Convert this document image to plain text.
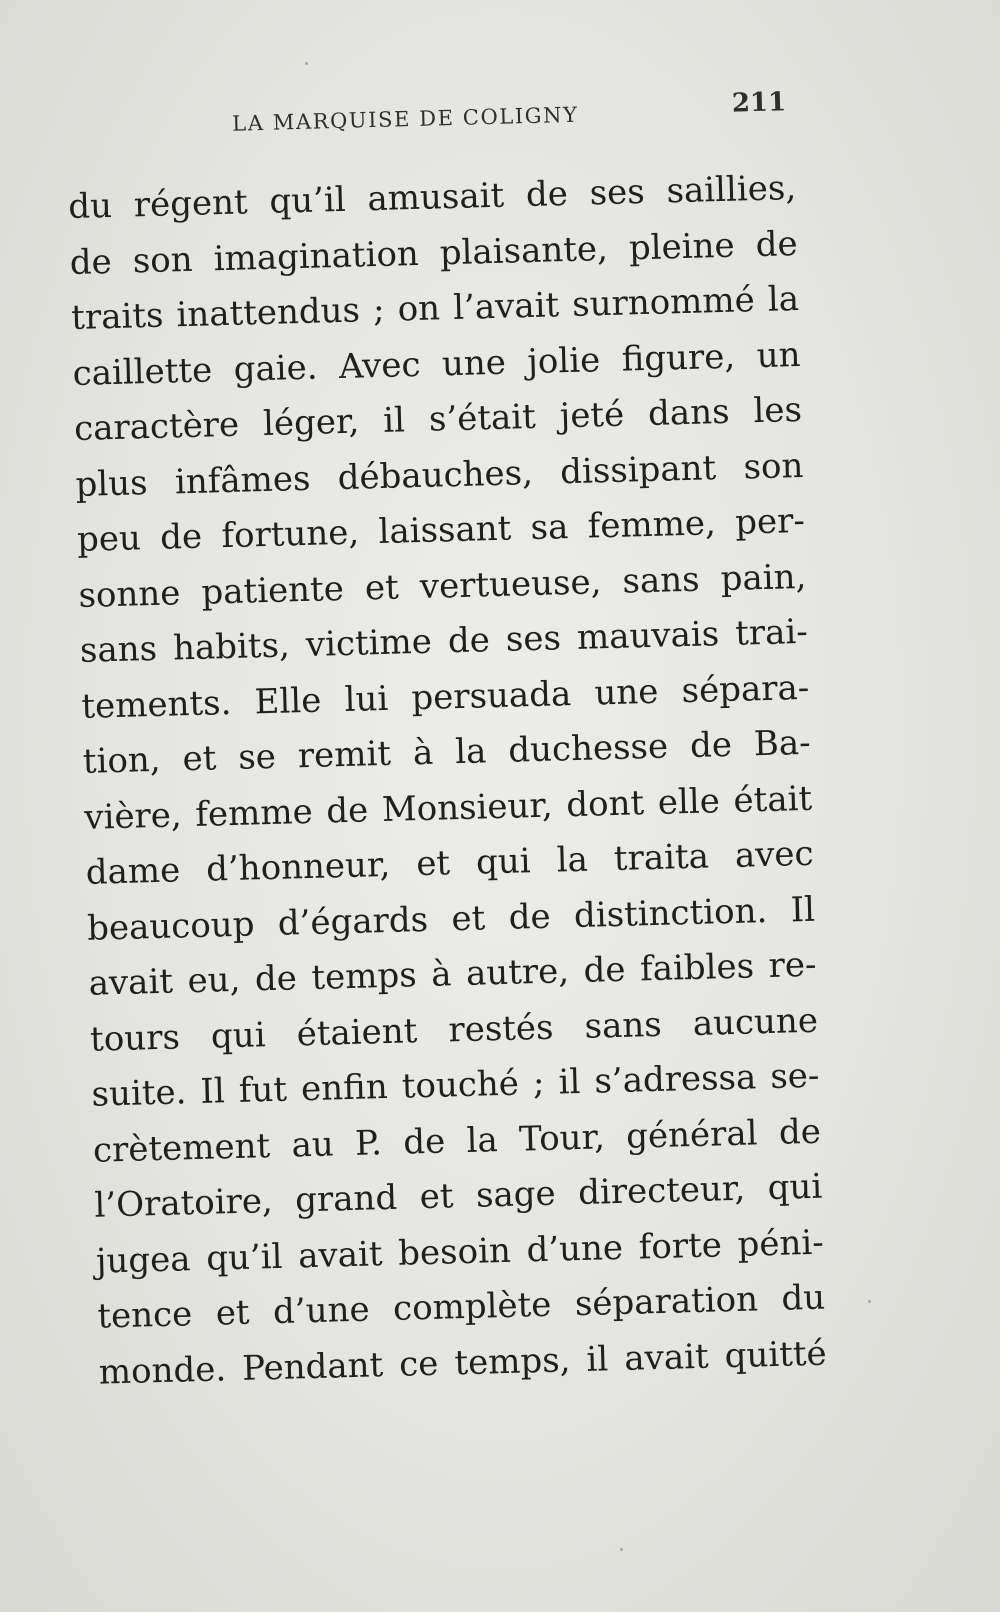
LA MARQUISE DE COLIGNY	211
du régent qu’il amusait de ses saillies,
de son imagination plaisante, pleine de
traits inattendus ; on l’avait surnommé la
caillette gaie. Avec une jolie figure, un
caractère léger, il s’était jeté dans les
plus infâmes débauches, dissipant son
peu de fortune, laissant sa femme, per-
sonne patiente et vertueuse, sans pain,
sans habits, victime de ses mauvais trai-
tements. Elle lui persuada une sépara-
tion, et se remit à la duchesse de Ba-
vière, femme de Monsieur, dont elle était
dame d’honneur, et qui la traita avec
beaucoup d’égards et de distinction. Il
avait eu, de temps à autre, de faibles re-
tours qui étaient restés sans aucune
suite. Il fut enfin touché ; il s’adressa se-
crètement au P. de la Tour, général de
l’Oratoire, grand et sage directeur, qui
jugea qu’il avait besoin d’une forte péni-
tence et d’une complète séparation du
monde. Pendant ce temps, il avait quitté
